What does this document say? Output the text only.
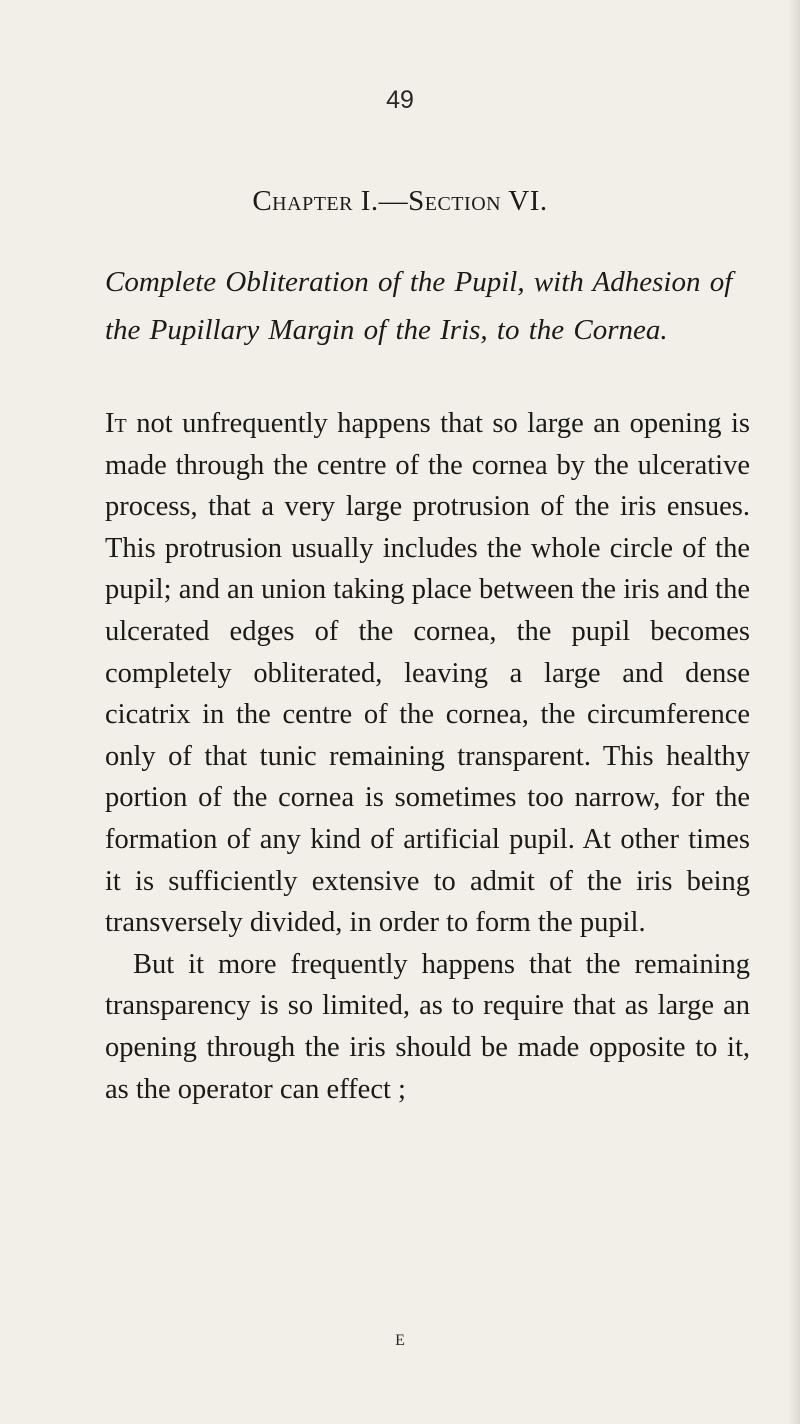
49
Chapter I.—Section VI.
Complete Obliteration of the Pupil, with Adhesion of the Pupillary Margin of the Iris, to the Cornea.

It not unfrequently happens that so large an opening is made through the centre of the cornea by the ulcerative process, that a very large protrusion of the iris ensues. This protrusion usually includes the whole circle of the pupil; and an union taking place between the iris and the ulcerated edges of the cornea, the pupil becomes completely obliterated, leaving a large and dense cicatrix in the centre of the cornea, the circumference only of that tunic remaining transparent. This healthy portion of the cornea is sometimes too narrow, for the formation of any kind of artificial pupil. At other times it is sufficiently extensive to admit of the iris being transversely divided, in order to form the pupil.

But it more frequently happens that the remaining transparency is so limited, as to require that as large an opening through the iris should be made opposite to it, as the operator can effect ;

E
